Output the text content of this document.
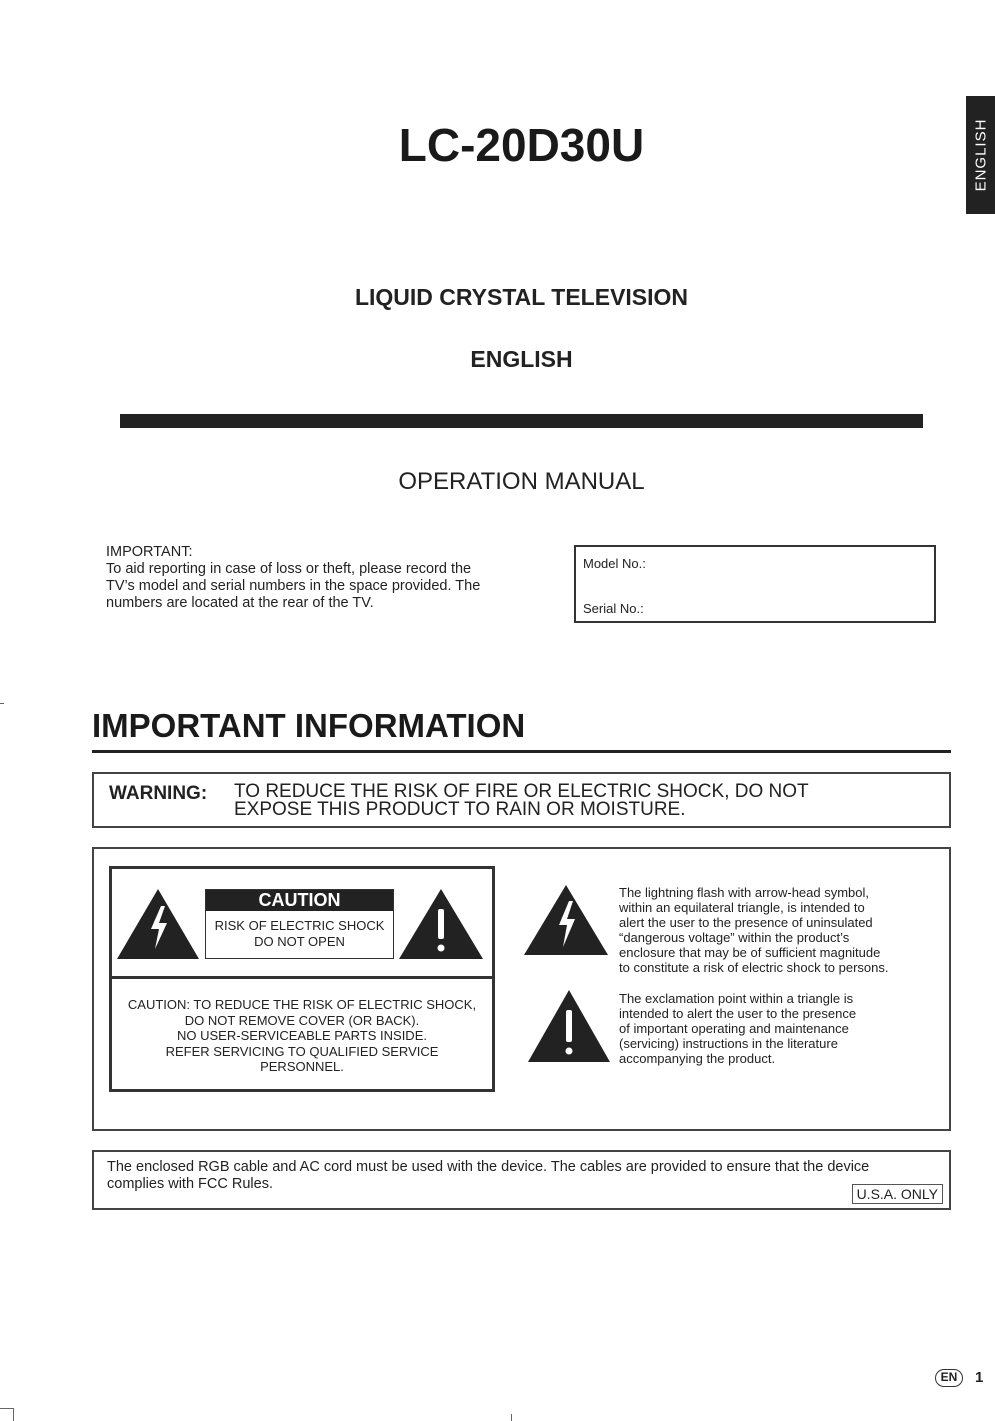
ENGLISH
LC-20D30U
LIQUID CRYSTAL TELEVISION
ENGLISH
OPERATION MANUAL
IMPORTANT:
To aid reporting in case of loss or theft, please record the
TV’s model and serial numbers in the space provided. The
numbers are located at the rear of the TV.
Model No.:
Serial No.:
IMPORTANT INFORMATION
WARNING: TO REDUCE THE RISK OF FIRE OR ELECTRIC SHOCK, DO NOT
EXPOSE THIS PRODUCT TO RAIN OR MOISTURE.
CAUTION
RISK OF ELECTRIC SHOCK
DO NOT OPEN
CAUTION: TO REDUCE THE RISK OF ELECTRIC SHOCK,
DO NOT REMOVE COVER (OR BACK).
NO USER-SERVICEABLE PARTS INSIDE.
REFER SERVICING TO QUALIFIED SERVICE
PERSONNEL.
The lightning flash with arrow-head symbol,
within an equilateral triangle, is intended to
alert the user to the presence of uninsulated
“dangerous voltage” within the product’s
enclosure that may be of sufficient magnitude
to constitute a risk of electric shock to persons.
The exclamation point within a triangle is
intended to alert the user to the presence
of important operating and maintenance
(servicing) instructions in the literature
accompanying the product.
The enclosed RGB cable and AC cord must be used with the device. The cables are provided to ensure that the device
complies with FCC Rules.
U.S.A. ONLY
EN	1
